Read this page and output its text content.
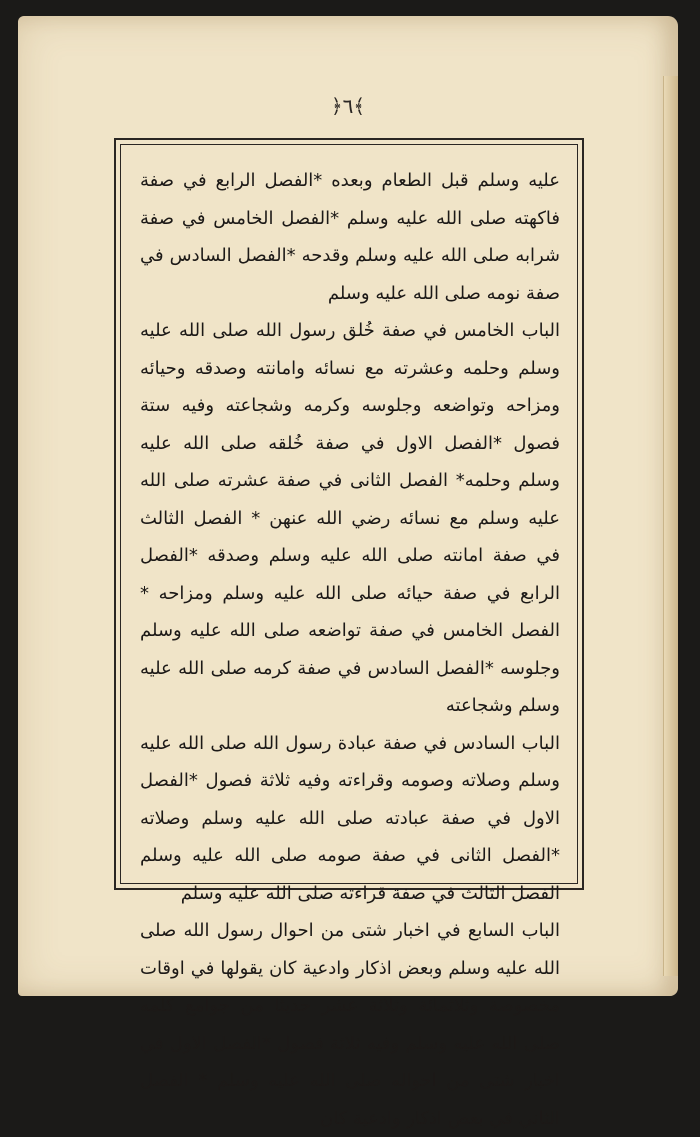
﴿٦﴾

عليه وسلم قبل الطعام وبعده *الفصل الرابع في صفة فاكهته صلى الله عليه وسلم *الفصل الخامس في صفة شرابه صلى الله عليه وسلم وقدحه *الفصل السادس في صفة نومه صلى الله عليه وسلم

الباب الخامس في صفة خُلق رسول الله صلى الله عليه وسلم وحلمه وعشرته مع نسائه وامانته وصدقه وحيائه ومزاحه وتواضعه وجلوسه وكرمه وشجاعته وفيه ستة فصول *الفصل الاول في صفة خُلقه صلى الله عليه وسلم وحلمه* الفصل الثانى في صفة عشرته صلى الله عليه وسلم مع نسائه رضي الله عنهن * الفصل الثالث في صفة امانته صلى الله عليه وسلم وصدقه *الفصل الرابع في صفة حيائه صلى الله عليه وسلم ومزاحه * الفصل الخامس في صفة تواضعه صلى الله عليه وسلم وجلوسه *الفصل السادس في صفة كرمه صلى الله عليه وسلم وشجاعته

الباب السادس في صفة عبادة رسول الله صلى الله عليه وسلم وصلاته وصومه وقراءته وفيه ثلاثة فصول *الفصل الاول في صفة عبادته صلى الله عليه وسلم وصلاته *الفصل الثانى في صفة صومه صلى الله عليه وسلم الفصل الثالث في صفة قراءته صلى الله عليه وسلم

الباب السابع في اخبار شتى من احوال رسول الله صلى الله عليه وسلم وبعض اذكار وادعية كان يقولها في اوقات مخصوصة وثلاثمائة وثلاثة عشر حديثا من جوامع كلمه صلى الله عليه وسلم وفيه ثلاثة فصول *الفصل الاول في اخبار شتى من احواله صلى الله عليه وسلم * الفصل الثاني في بعض اذكار وادعية كان
